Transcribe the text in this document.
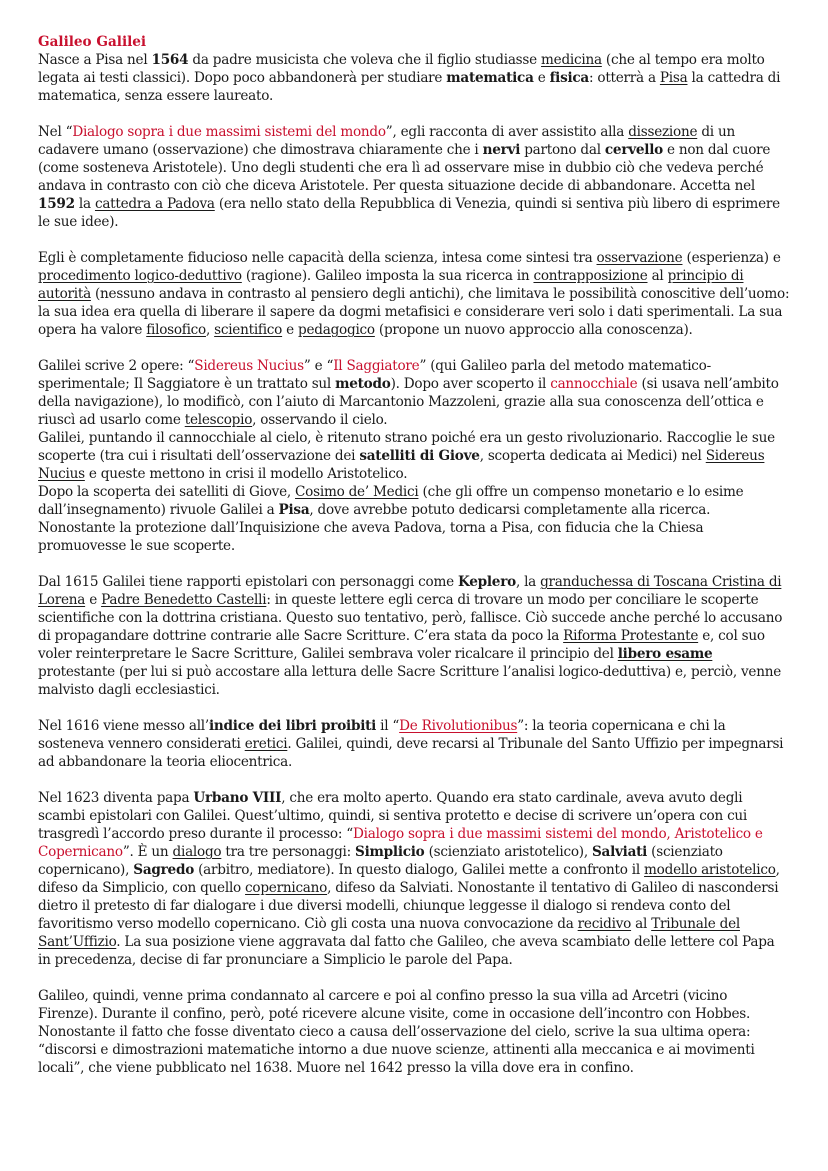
Galileo Galilei

Nasce a Pisa nel 1564 da padre musicista che voleva che il figlio studiasse medicina (che al tempo era molto legata ai testi classici). Dopo poco abbandonerà per studiare matematica e fisica: otterrà a Pisa la cattedra di matematica, senza essere laureato.

Nel “Dialogo sopra i due massimi sistemi del mondo”, egli racconta di aver assistito alla dissezione di un cadavere umano (osservazione) che dimostrava chiaramente che i nervi partono dal cervello e non dal cuore (come sosteneva Aristotele). Uno degli studenti che era lì ad osservare mise in dubbio ciò che vedeva perché andava in contrasto con ciò che diceva Aristotele. Per questa situazione decide di abbandonare. Accetta nel 1592 la cattedra a Padova (era nello stato della Repubblica di Venezia, quindi si sentiva più libero di esprimere le sue idee).

Egli è completamente fiducioso nelle capacità della scienza, intesa come sintesi tra osservazione (esperienza) e procedimento logico-deduttivo (ragione). Galileo imposta la sua ricerca in contrapposizione al principio di autorità (nessuno andava in contrasto al pensiero degli antichi), che limitava le possibilità conoscitive dell’uomo: la sua idea era quella di liberare il sapere da dogmi metafisici e considerare veri solo i dati sperimentali. La sua opera ha valore filosofico, scientifico e pedagogico (propone un nuovo approccio alla conoscenza).

Galilei scrive 2 opere: “Sidereus Nucius” e “Il Saggiatore” (qui Galileo parla del metodo matematico-sperimentale; Il Saggiatore è un trattato sul metodo). Dopo aver scoperto il cannocchiale (si usava nell’ambito della navigazione), lo modificò, con l’aiuto di Marcantonio Mazzoleni, grazie alla sua conoscenza dell’ottica e riuscì ad usarlo come telescopio, osservando il cielo.
Galilei, puntando il cannocchiale al cielo, è ritenuto strano poiché era un gesto rivoluzionario. Raccoglie le sue scoperte (tra cui i risultati dell’osservazione dei satelliti di Giove, scoperta dedicata ai Medici) nel Sidereus Nucius e queste mettono in crisi il modello Aristotelico.
Dopo la scoperta dei satelliti di Giove, Cosimo de’ Medici (che gli offre un compenso monetario e lo esime dall’insegnamento) rivuole Galilei a Pisa, dove avrebbe potuto dedicarsi completamente alla ricerca. Nonostante la protezione dall’Inquisizione che aveva Padova, torna a Pisa, con fiducia che la Chiesa promuovesse le sue scoperte.

Dal 1615 Galilei tiene rapporti epistolari con personaggi come Keplero, la granduchessa di Toscana Cristina di Lorena e Padre Benedetto Castelli: in queste lettere egli cerca di trovare un modo per conciliare le scoperte scientifiche con la dottrina cristiana. Questo suo tentativo, però, fallisce. Ciò succede anche perché lo accusano di propagandare dottrine contrarie alle Sacre Scritture. C’era stata da poco la Riforma Protestante e, col suo voler reinterpretare le Sacre Scritture, Galilei sembrava voler ricalcare il principio del libero esame protestante (per lui si può accostare alla lettura delle Sacre Scritture l’analisi logico-deduttiva) e, perciò, venne malvisto dagli ecclesiastici.

Nel 1616 viene messo all’indice dei libri proibiti il “De Rivolutionibus”: la teoria copernicana e chi la sosteneva vennero considerati eretici. Galilei, quindi, deve recarsi al Tribunale del Santo Uffizio per impegnarsi ad abbandonare la teoria eliocentrica.

Nel 1623 diventa papa Urbano VIII, che era molto aperto. Quando era stato cardinale, aveva avuto degli scambi epistolari con Galilei. Quest’ultimo, quindi, si sentiva protetto e decise di scrivere un’opera con cui trasgredì l’accordo preso durante il processo: “Dialogo sopra i due massimi sistemi del mondo, Aristotelico e Copernicano”. È un dialogo tra tre personaggi: Simplicio (scienziato aristotelico), Salviati (scienziato copernicano), Sagredo (arbitro, mediatore). In questo dialogo, Galilei mette a confronto il modello aristotelico, difeso da Simplicio, con quello copernicano, difeso da Salviati. Nonostante il tentativo di Galileo di nascondersi dietro il pretesto di far dialogare i due diversi modelli, chiunque leggesse il dialogo si rendeva conto del favoritismo verso modello copernicano. Ciò gli costa una nuova convocazione da recidivo al Tribunale del Sant’Uffizio. La sua posizione viene aggravata dal fatto che Galileo, che aveva scambiato delle lettere col Papa in precedenza, decise di far pronunciare a Simplicio le parole del Papa.

Galileo, quindi, venne prima condannato al carcere e poi al confino presso la sua villa ad Arcetri (vicino Firenze). Durante il confino, però, poté ricevere alcune visite, come in occasione dell’incontro con Hobbes. Nonostante il fatto che fosse diventato cieco a causa dell’osservazione del cielo, scrive la sua ultima opera: “discorsi e dimostrazioni matematiche intorno a due nuove scienze, attinenti alla meccanica e ai movimenti locali”, che viene pubblicato nel 1638. Muore nel 1642 presso la villa dove era in confino.
